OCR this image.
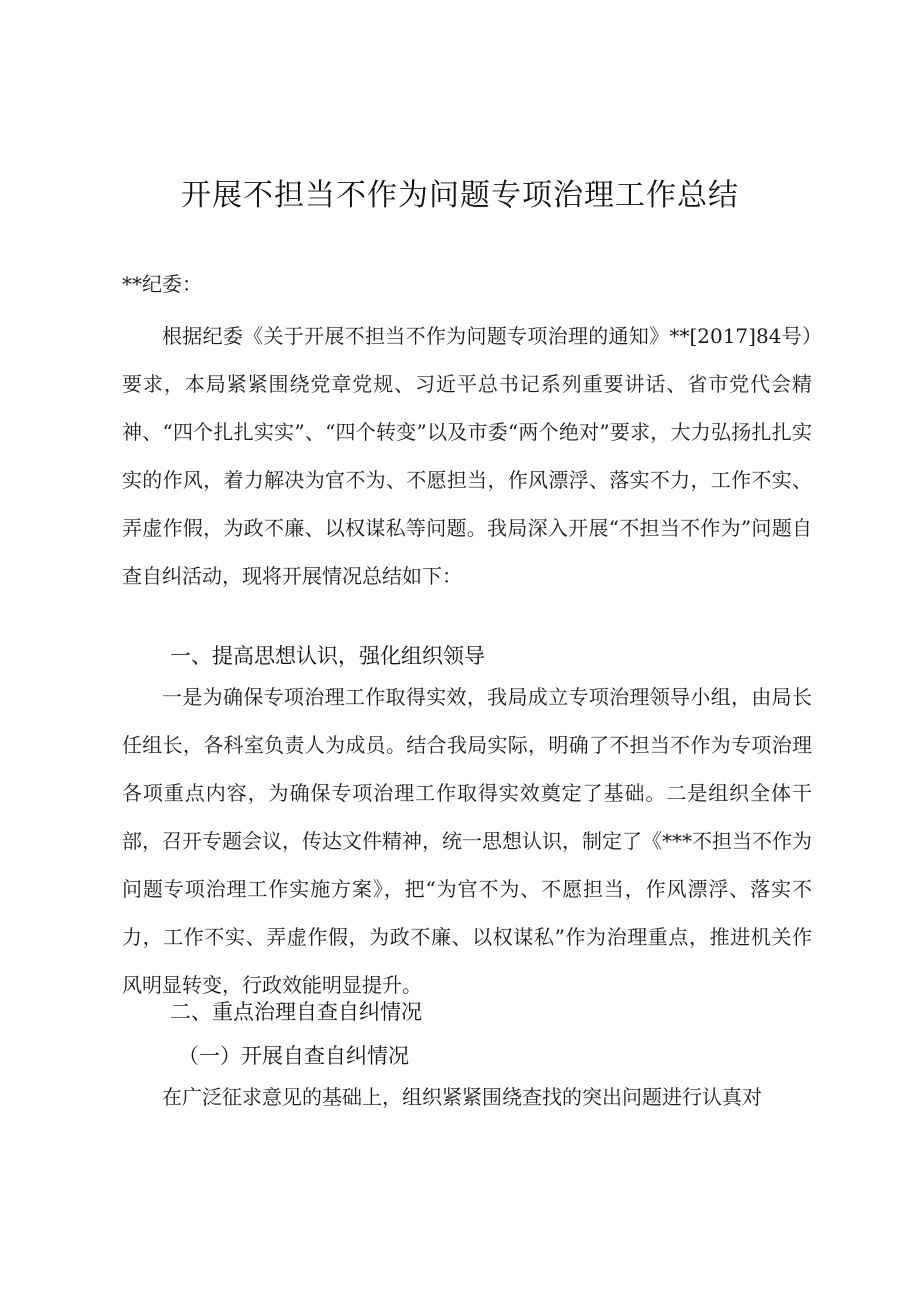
开展不担当不作为问题专项治理工作总结
**纪委：

根据纪委《关于开展不担当不作为问题专项治理的通知》**[2017]84号）要求，本局紧紧围绕党章党规、习近平总书记系列重要讲话、省市党代会精神、“四个扎扎实实”、“四个转变”以及市委“两个绝对”要求，大力弘扬扎扎实实的作风，着力解决为官不为、不愿担当，作风漂浮、落实不力，工作不实、弄虚作假，为政不廉、以权谋私等问题。我局深入开展“不担当不作为”问题自查自纠活动，现将开展情况总结如下：

一、提高思想认识，强化组织领导

一是为确保专项治理工作取得实效，我局成立专项治理领导小组，由局长任组长，各科室负责人为成员。结合我局实际，明确了不担当不作为专项治理各项重点内容，为确保专项治理工作取得实效奠定了基础。二是组织全体干部，召开专题会议，传达文件精神，统一思想认识，制定了《***不担当不作为问题专项治理工作实施方案》，把“为官不为、不愿担当，作风漂浮、落实不力，工作不实、弄虚作假，为政不廉、以权谋私”作为治理重点，推进机关作风明显转变，行政效能明显提升。

二、重点治理自查自纠情况
（一）开展自查自纠情况

在广泛征求意见的基础上，组织紧紧围绕查找的突出问题进行认真对
